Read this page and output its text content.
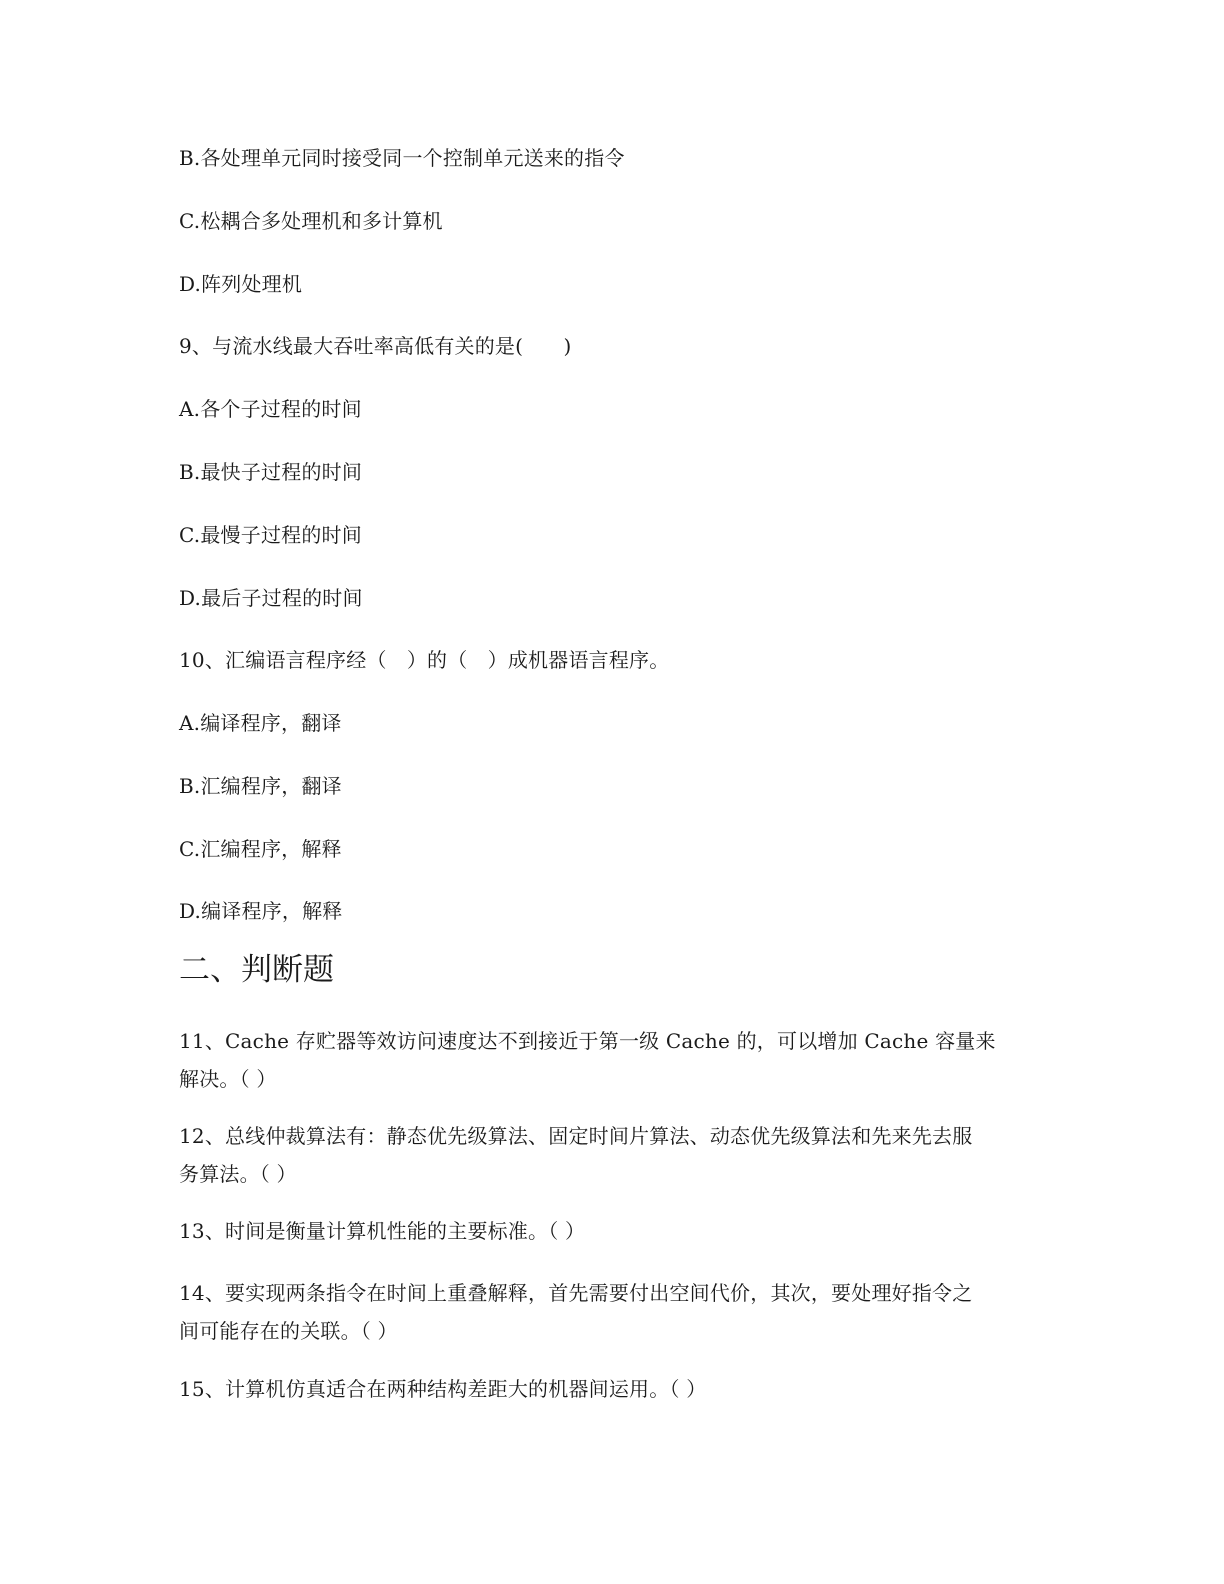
B.各处理单元同时接受同一个控制单元送来的指令
C.松耦合多处理机和多计算机
D.阵列处理机
9、与流水线最大吞吐率高低有关的是(　　)
A.各个子过程的时间
B.最快子过程的时间
C.最慢子过程的时间
D.最后子过程的时间
10、汇编语言程序经（　）的（　）成机器语言程序。
A.编译程序，翻译
B.汇编程序，翻译
C.汇编程序，解释
D.编译程序，解释
二、判断题
11、Cache 存贮器等效访问速度达不到接近于第一级 Cache 的，可以增加 Cache 容量来
解决。（ ）
12、总线仲裁算法有：静态优先级算法、固定时间片算法、动态优先级算法和先来先去服
务算法。（ ）
13、时间是衡量计算机性能的主要标准。（ ）
14、要实现两条指令在时间上重叠解释，首先需要付出空间代价，其次，要处理好指令之
间可能存在的关联。（ ）
15、计算机仿真适合在两种结构差距大的机器间运用。（ ）
